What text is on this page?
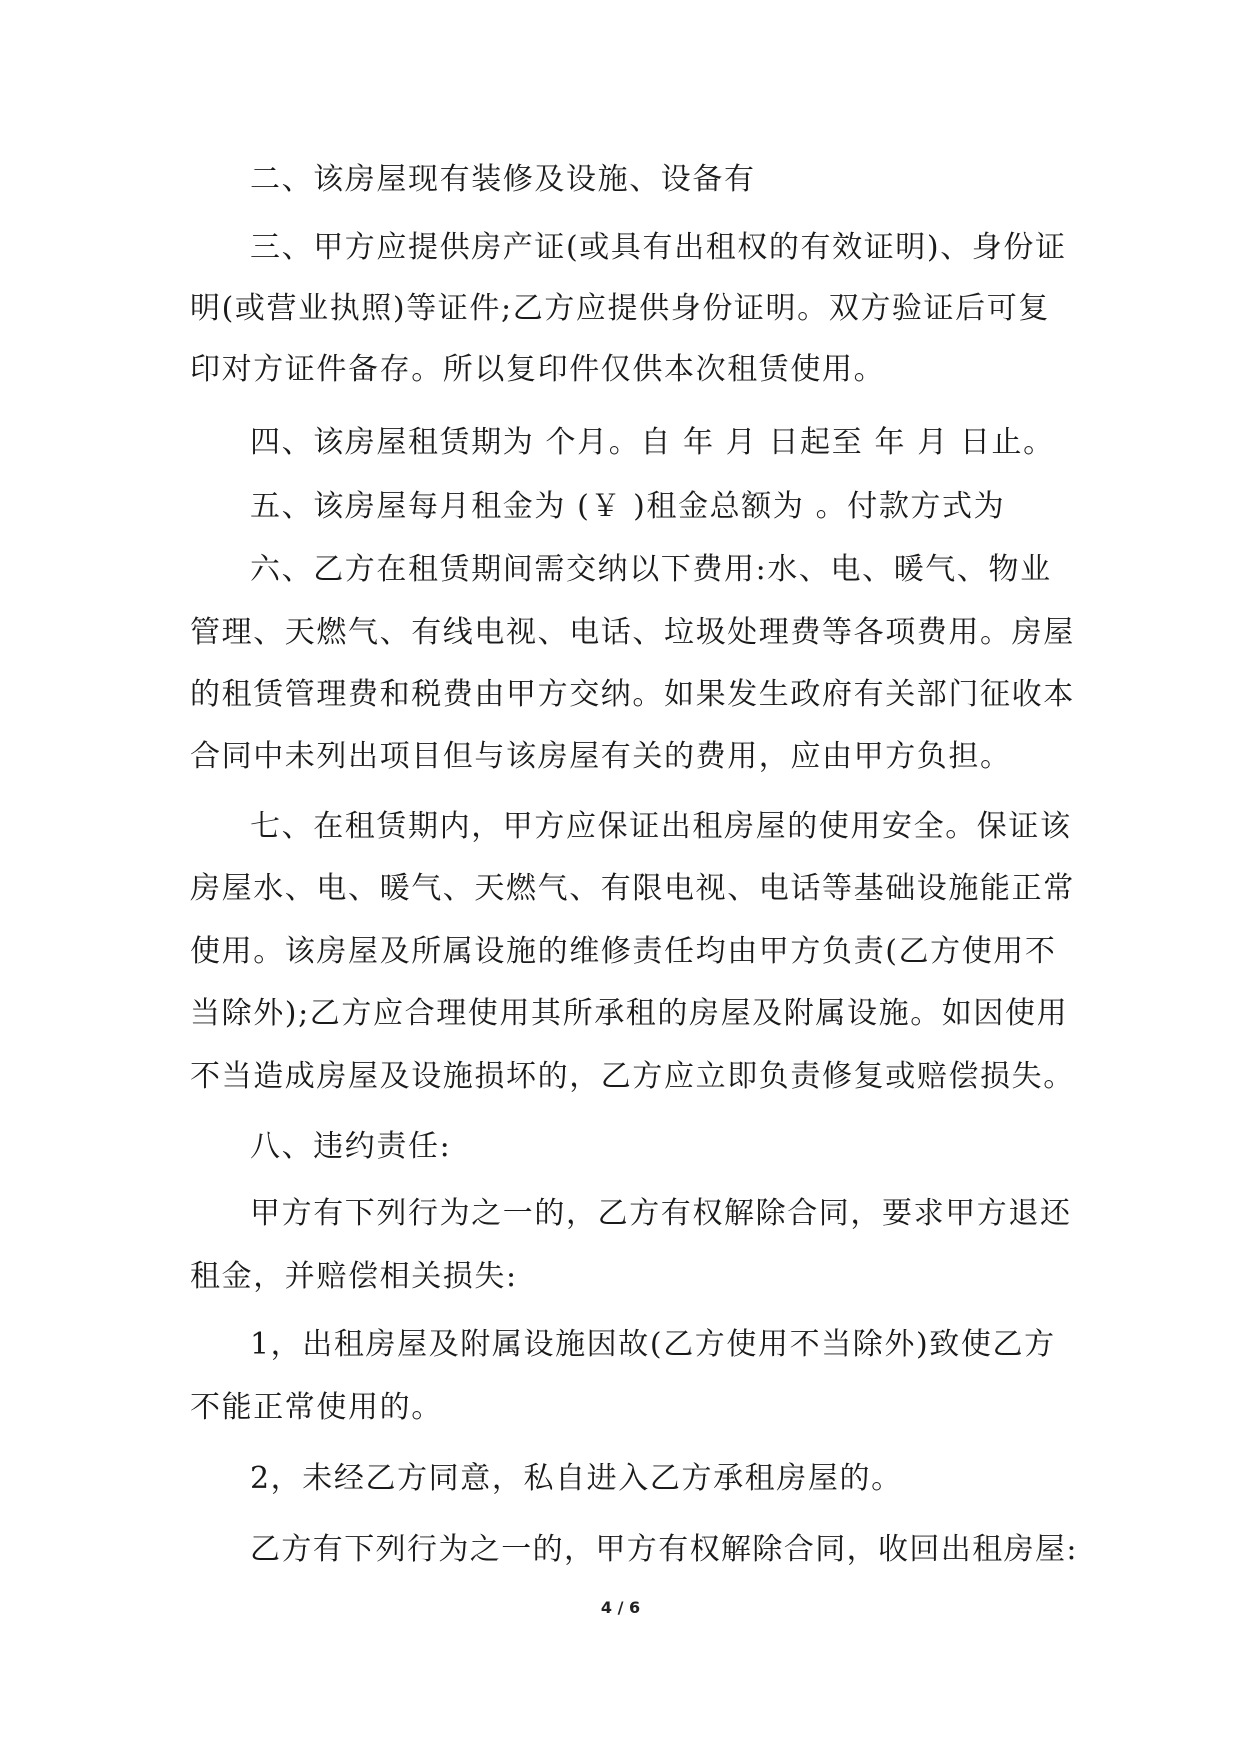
二、该房屋现有装修及设施、设备有
三、甲方应提供房产证(或具有出租权的有效证明)、身份证
明(或营业执照)等证件;乙方应提供身份证明。双方验证后可复
印对方证件备存。所以复印件仅供本次租赁使用。
四、该房屋租赁期为 个月。自 年 月 日起至 年 月 日止。
五、该房屋每月租金为 (￥ )租金总额为 。付款方式为
六、乙方在租赁期间需交纳以下费用:水、电、暖气、物业
管理、天燃气、有线电视、电话、垃圾处理费等各项费用。房屋
的租赁管理费和税费由甲方交纳。如果发生政府有关部门征收本
合同中未列出项目但与该房屋有关的费用，应由甲方负担。
七、在租赁期内，甲方应保证出租房屋的使用安全。保证该
房屋水、电、暖气、天燃气、有限电视、电话等基础设施能正常
使用。该房屋及所属设施的维修责任均由甲方负责(乙方使用不
当除外);乙方应合理使用其所承租的房屋及附属设施。如因使用
不当造成房屋及设施损坏的，乙方应立即负责修复或赔偿损失。
八、违约责任:
甲方有下列行为之一的，乙方有权解除合同，要求甲方退还
租金，并赔偿相关损失:
1，出租房屋及附属设施因故(乙方使用不当除外)致使乙方
不能正常使用的。
2，未经乙方同意，私自进入乙方承租房屋的。
乙方有下列行为之一的，甲方有权解除合同，收回出租房屋:
4 / 6
